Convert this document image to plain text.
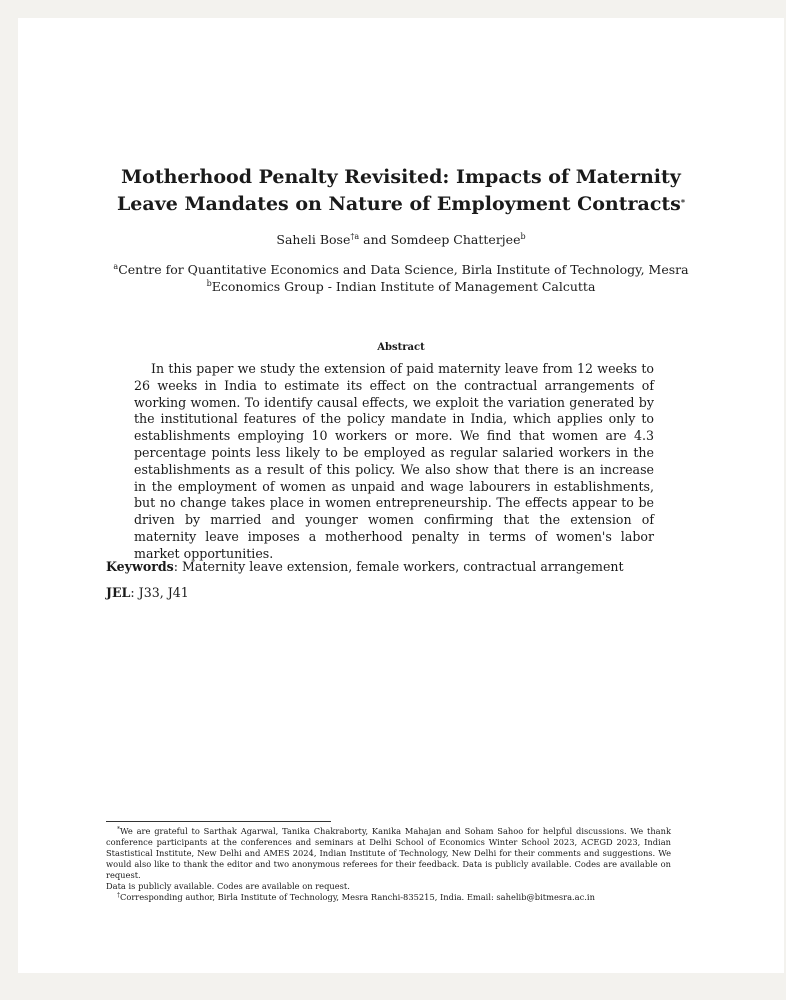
Motherhood Penalty Revisited: Impacts of Maternity
Leave Mandates on Nature of Employment Contracts*
Saheli Bose$^{\dagger a}$ and Somdeep Chatterjee$^b$
$^a$Centre for Quantitative Economics and Data Science, Birla Institute of Technology, Mesra
$^b$Economics Group - Indian Institute of Management Calcutta
Abstract

In this paper we study the extension of paid maternity leave from 12 weeks to 26 weeks in India to estimate its effect on the contractual arrangements of working women. To identify causal effects, we exploit the variation generated by the institutional features of the policy mandate in India, which applies only to establishments employing 10 workers or more. We find that women are 4.3 percentage points less likely to be employed as regular salaried workers in the establishments as a result of this policy. We also show that there is an increase in the employment of women as unpaid and wage labourers in establishments, but no change takes place in women entrepreneurship. The effects appear to be driven by married and younger women confirming that the extension of maternity leave imposes a motherhood penalty in terms of women's labor market opportunities.

Keywords: Maternity leave extension, female workers, contractual arrangement
JEL: J33, J41

*We are grateful to Sarthak Agarwal, Tanika Chakraborty, Kanika Mahajan and Soham Sahoo for helpful discussions. We thank conference participants at the conferences and seminars at Delhi School of Economics Winter School 2023, ACEGD 2023, Indian Stastistical Institute, New Delhi and AMES 2024, Indian Institute of Technology, New Delhi for their comments and suggestions. We would also like to thank the editor and two anonymous referees for their feedback. Data is publicly available. Codes are available on request.

Data is publicly available. Codes are available on request.

†Corresponding author, Birla Institute of Technology, Mesra Ranchi-835215, India. Email: sahelib@bitmesra.ac.in
